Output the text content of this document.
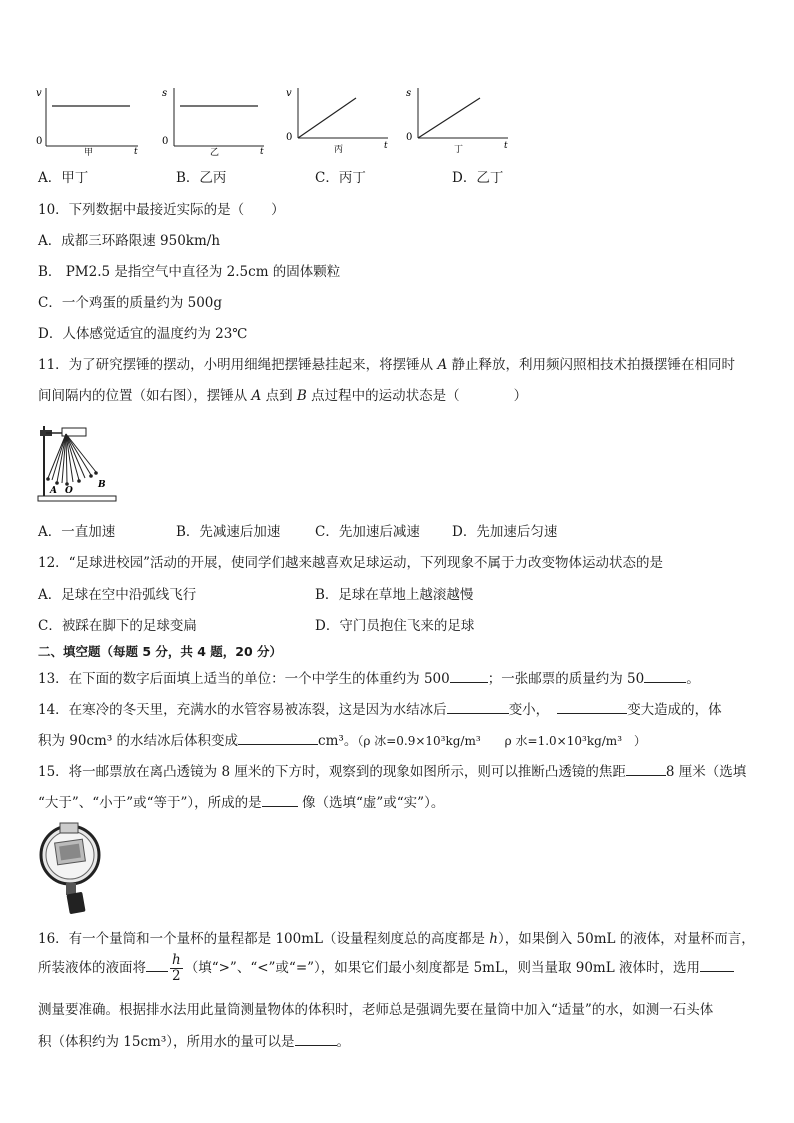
v
0
t
甲
s
0
t
乙
v
0
t
丙
s
0
t
丁
A．甲丁	B．乙丙	C．丙丁	D．乙丁
10．下列数据中最接近实际的是（　　）
A．成都三环路限速 950km/h
B． PM2.5 是指空气中直径为 2.5cm 的固体颗粒
C．一个鸡蛋的质量约为 500g
D．人体感觉适宜的温度约为 23℃
11．为了研究摆锤的摆动，小明用细绳把摆锤悬挂起来，将摆锤从 A 静止释放，利用频闪照相技术拍摄摆锤在相同时
间间隔内的位置（如右图），摆锤从 A 点到 B 点过程中的运动状态是（　　　　）
A O
B
A．一直加速	B．先减速后加速	C．先加速后减速 D．先加速后匀速
12．“足球进校园”活动的开展，使同学们越来越喜欢足球运动，下列现象不属于力改变物体运动状态的是
A．足球在空中沿弧线飞行	B．足球在草地上越滚越慢
C．被踩在脚下的足球变扁	D．守门员抱住飞来的足球
二、填空题（每题 5 分，共 4 题，20 分）
13．在下面的数字后面填上适当的单位：一个中学生的体重约为 500	；一张邮票的质量约为 50	。
14．在寒冷的冬天里，充满水的水管容易被冻裂，这是因为水结冰后	变小，	变大造成的，体
积为 90cm³ 的水结冰后体积变成	cm³。（ρ 冰=0.9×10³kg/m³ ρ 水=1.0×10³kg/m³　）
15．将一邮票放在离凸透镜为 8 厘米的下方时，观察到的现象如图所示，则可以推断凸透镜的焦距	8 厘米（选填
“大于”、“小于”或“等于”），所成的是	像（选填“虚”或“实”）。
16．有一个量筒和一个量杯的量程都是 100mL（设量程刻度总的高度都是 h），如果倒入 50mL 的液体，对量杯而言，
所装液体的液面将 $\frac{h}{2}$ （填“>”、“<”或“=”），如果它们最小刻度都是 5mL，则当量取 90mL 液体时，选用
测量要准确。根据排水法用此量筒测量物体的体积时，老师总是强调先要在量筒中加入“适量”的水，如测一石头体
积（体积约为 15cm³），所用水的量可以是	。
